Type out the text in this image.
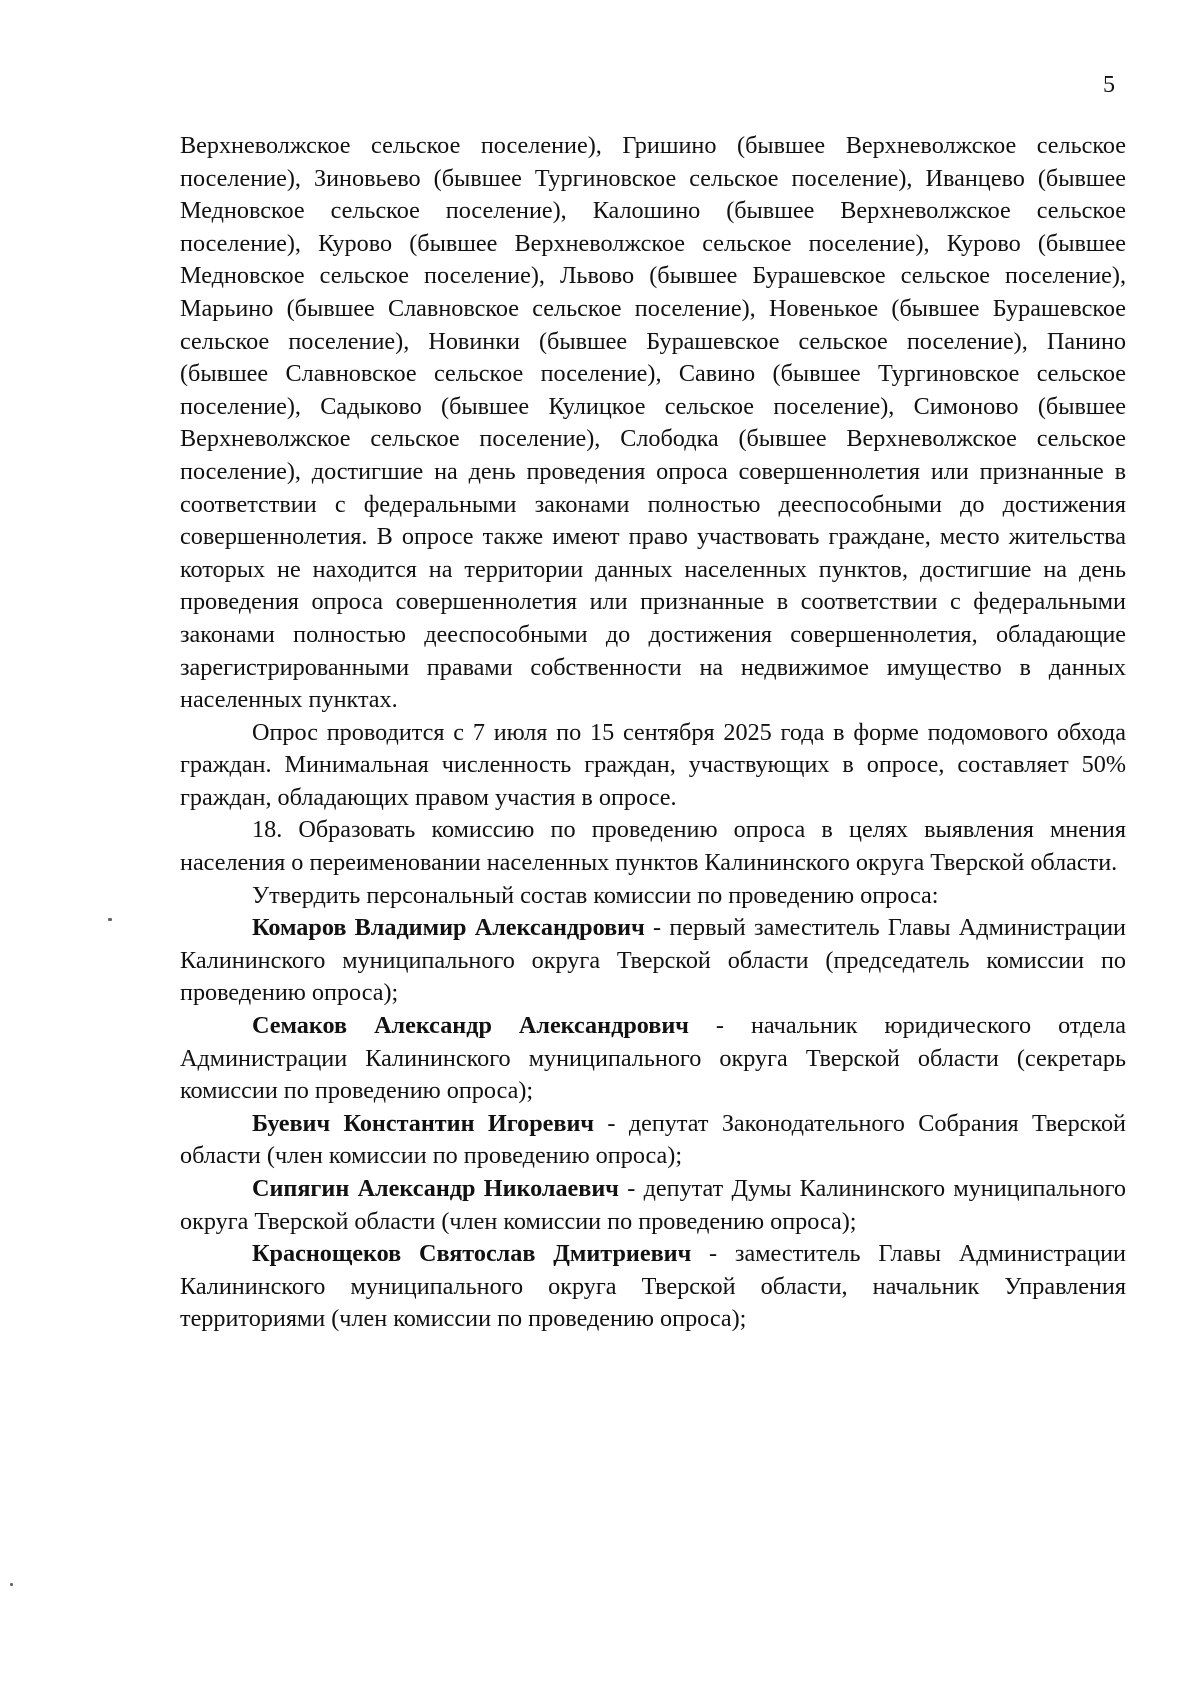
5

Верхневолжское сельское поселение), Гришино (бывшее Верхневолжское сельское поселение), Зиновьево (бывшее Тургиновское сельское поселение), Иванцево (бывшее Медновское сельское поселение), Калошино (бывшее Верхневолжское сельское поселение), Курово (бывшее Верхневолжское сельское поселение), Курово (бывшее Медновское сельское поселение), Львово (бывшее Бурашевское сельское поселение), Марьино (бывшее Славновское сельское поселение), Новенькое (бывшее Бурашевское сельское поселение), Новинки (бывшее Бурашевское сельское поселение), Панино (бывшее Славновское сельское поселение), Савино (бывшее Тургиновское сельское поселение), Садыково (бывшее Кулицкое сельское поселение), Симоново (бывшее Верхневолжское сельское поселение), Слободка (бывшее Верхневолжское сельское поселение), достигшие на день проведения опроса совершеннолетия или признанные в соответствии с федеральными законами полностью дееспособными до достижения совершеннолетия. В опросе также имеют право участвовать граждане, место жительства которых не находится на территории данных населенных пунктов, достигшие на день проведения опроса совершеннолетия или признанные в соответствии с федеральными законами полностью дееспособными до достижения совершеннолетия, обладающие зарегистрированными правами собственности на недвижимое имущество в данных населенных пунктах.

Опрос проводится с 7 июля по 15 сентября 2025 года в форме подомового обхода граждан. Минимальная численность граждан, участвующих в опросе, составляет 50% граждан, обладающих правом участия в опросе.

18. Образовать комиссию по проведению опроса в целях выявления мнения населения о переименовании населенных пунктов Калининского округа Тверской области.

Утвердить персональный состав комиссии по проведению опроса:

Комаров Владимир Александрович - первый заместитель Главы Администрации Калининского муниципального округа Тверской области (председатель комиссии по проведению опроса);

Семаков Александр Александрович - начальник юридического отдела Администрации Калининского муниципального округа Тверской области (секретарь комиссии по проведению опроса);

Буевич Константин Игоревич - депутат Законодательного Собрания Тверской области (член комиссии по проведению опроса);

Сипягин Александр Николаевич - депутат Думы Калининского муниципального округа Тверской области (член комиссии по проведению опроса);

Краснощеков Святослав Дмитриевич - заместитель Главы Администрации Калининского муниципального округа Тверской области, начальник Управления территориями (член комиссии по проведению опроса);
